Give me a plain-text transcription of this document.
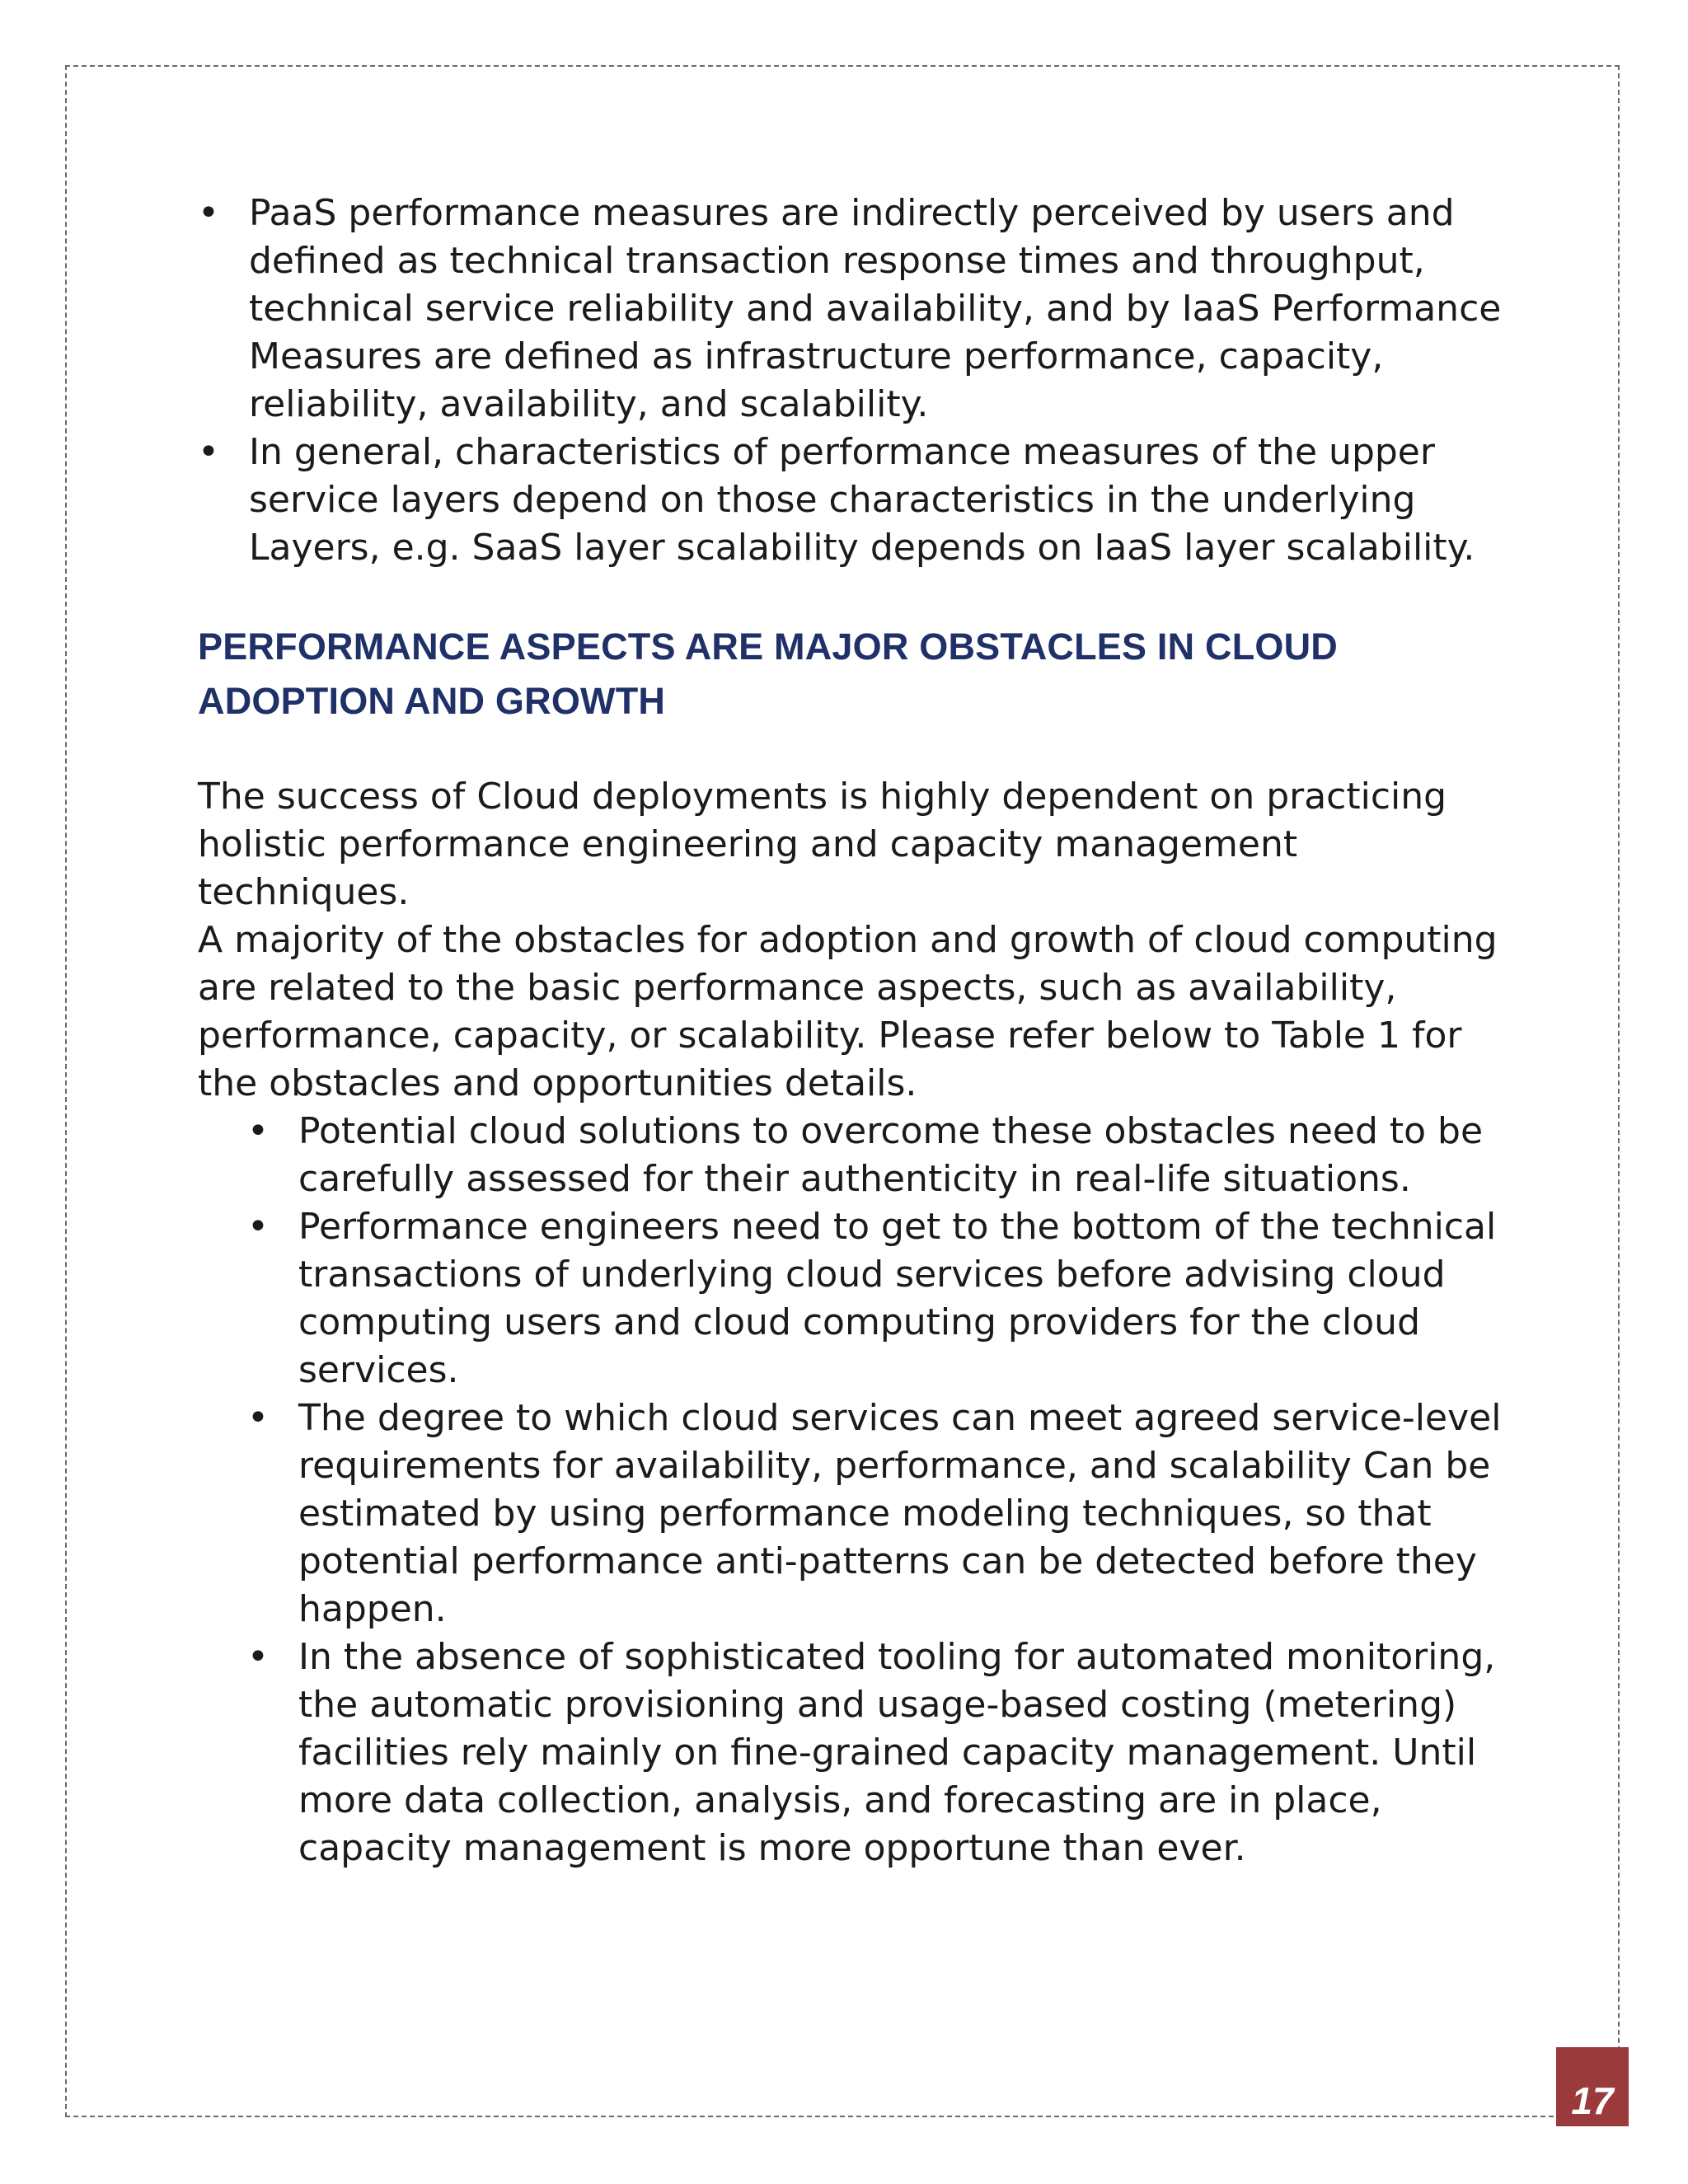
• PaaS performance measures are indirectly perceived by users and defined as technical transaction response times and throughput, technical service reliability and availability, and by IaaS Performance Measures are defined as infrastructure performance, capacity, reliability, availability, and scalability.
• In general, characteristics of performance measures of the upper service layers depend on those characteristics in the underlying Layers, e.g. SaaS layer scalability depends on IaaS layer scalability.
PERFORMANCE ASPECTS ARE MAJOR OBSTACLES IN CLOUD ADOPTION AND GROWTH

The success of Cloud deployments is highly dependent on practicing holistic performance engineering and capacity management techniques.

A majority of the obstacles for adoption and growth of cloud computing are related to the basic performance aspects, such as availability, performance, capacity, or scalability. Please refer below to Table 1 for the obstacles and opportunities details.

• Potential cloud solutions to overcome these obstacles need to be carefully assessed for their authenticity in real-life situations.
• Performance engineers need to get to the bottom of the technical transactions of underlying cloud services before advising cloud computing users and cloud computing providers for the cloud services.
• The degree to which cloud services can meet agreed service-level requirements for availability, performance, and scalability Can be estimated by using performance modeling techniques, so that potential performance anti-patterns can be detected before they happen.
• In the absence of sophisticated tooling for automated monitoring, the automatic provisioning and usage-based costing (metering) facilities rely mainly on fine-grained capacity management. Until more data collection, analysis, and forecasting are in place, capacity management is more opportune than ever.
17
